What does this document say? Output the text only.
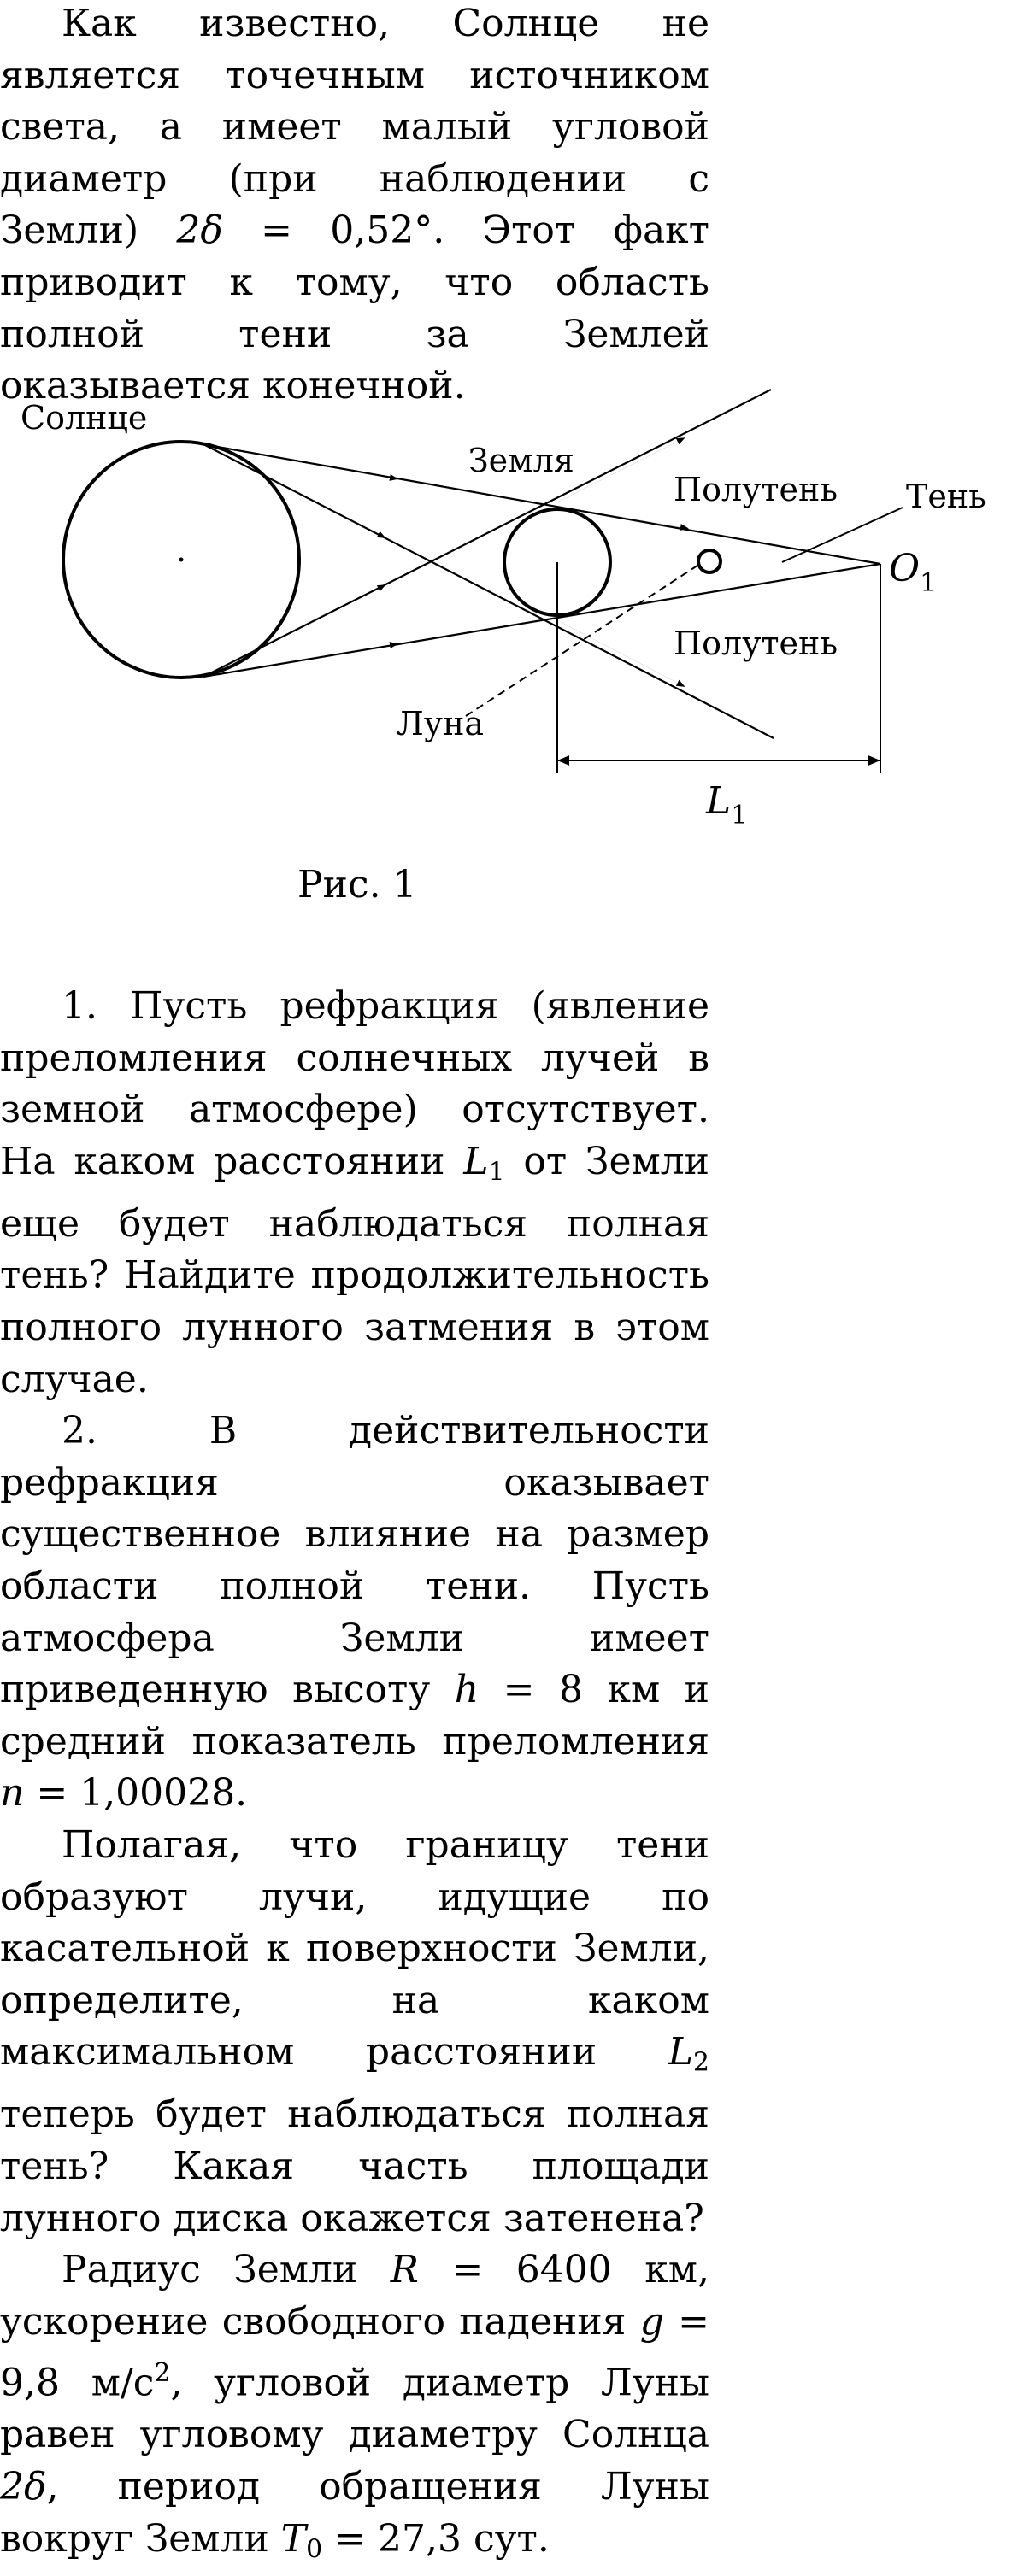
Как известно, Солнце не является точечным источником света, а имеет малый угловой диаметр (при наблюдении с Земли) 2δ = 0,52°. Этот факт приводит к тому, что область полной тени за Землей оказывается конечной.
Солнце
Земля
Полутень
Полутень
Тень
Луна
$O_1$
$L_1$
Рис. 1

1. Пусть рефракция (явление преломления солнечных лучей в земной атмосфере) отсутствует. На каком расстоянии $L_1$ от Земли еще будет наблюдаться полная тень? Найдите продолжительность полного лунного затмения в этом случае.

2. В действительности рефракция оказывает существенное влияние на размер области полной тени. Пусть атмосфера Земли имеет приведенную высоту h = 8 км и средний показатель преломления n = 1,00028.

Полагая, что границу тени образуют лучи, идущие по касательной к поверхности Земли, определите, на каком максимальном расстоянии $L_2$ теперь будет наблюдаться полная тень? Какая часть площади лунного диска окажется затенена?

Радиус Земли R = 6400 км, ускорение свободного падения g = 9,8 $м/с^2$, угловой диаметр Луны равен угловому диаметру Солнца 2δ, период обращения Луны вокруг Земли $T_0 = 27,3$ сут.
